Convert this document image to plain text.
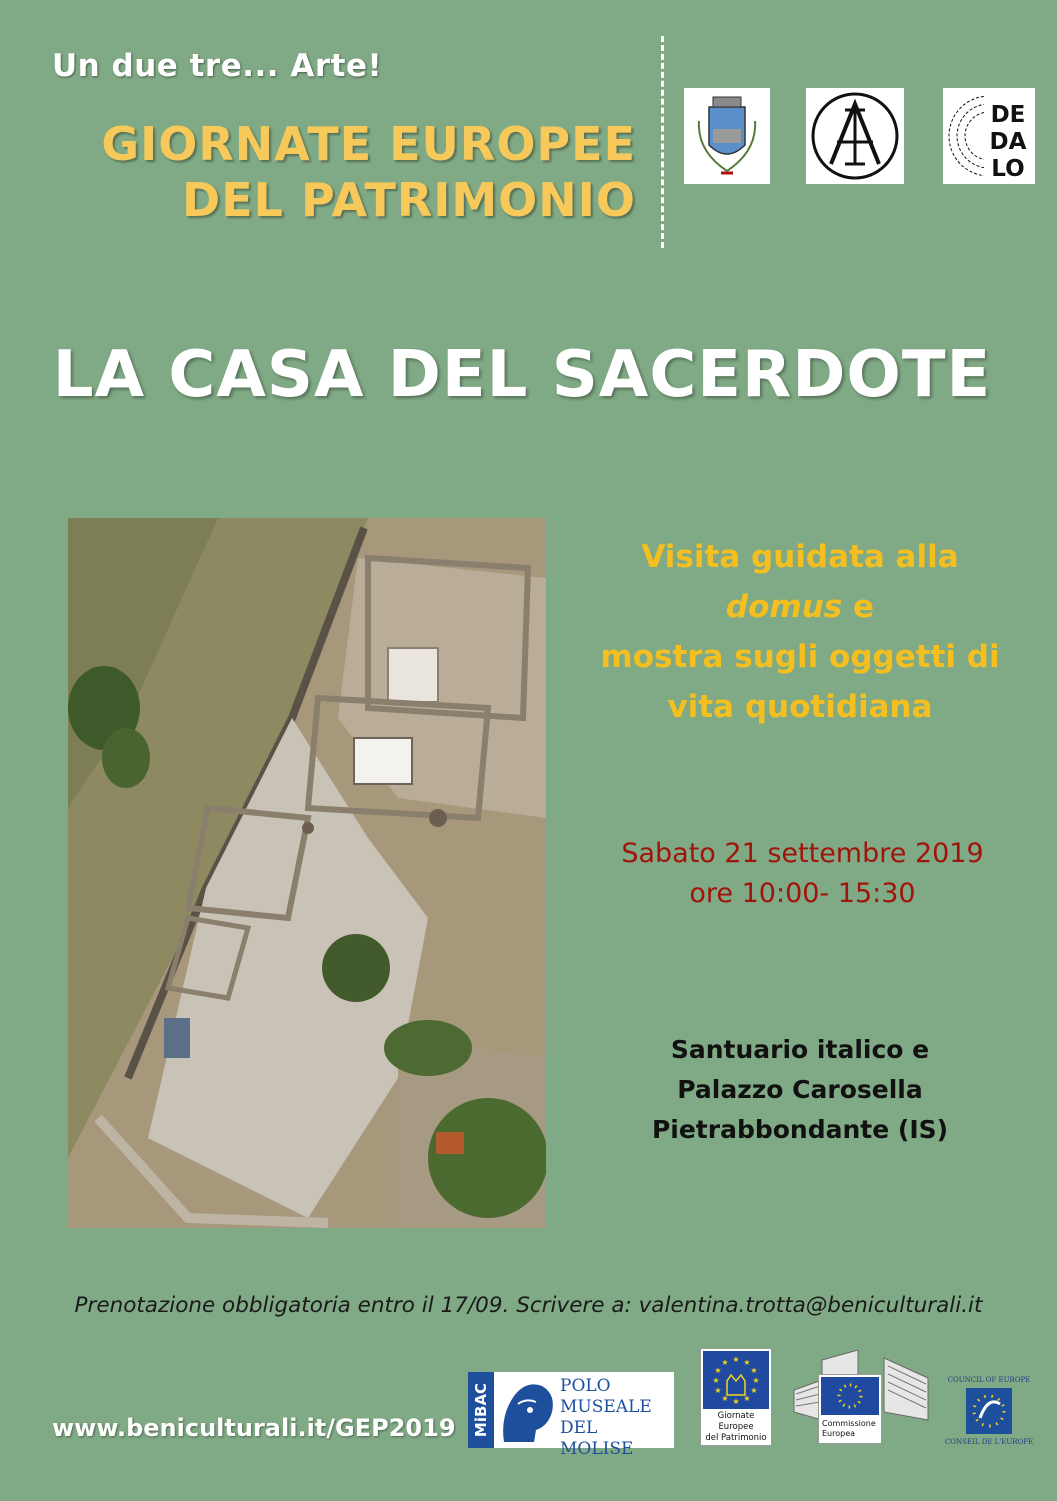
Un due tre... Arte!
GIORNATE EUROPEE
DEL PATRIMONIO
DE
DA
LO
LA CASA DEL SACERDOTE
Visita guidata alla
domus e
mostra sugli oggetti di
vita quotidiana
Sabato 21 settembre 2019
ore 10:00- 15:30
Santuario italico e
Palazzo Carosella
Pietrabbondante (IS)
Prenotazione obbligatoria entro il 17/09. Scrivere a: valentina.trotta@beniculturali.it
www.beniculturali.it/GEP2019	MiBAC	POLO
MUSEALE
DEL MOLISE
★ ★
★
★
★
★
★
★
★
★
★
★
Giornate Europee
del Patrimonio
Commissione
Europea
COUNCIL OF EUROPE
CONSEIL DE L'EUROPE
